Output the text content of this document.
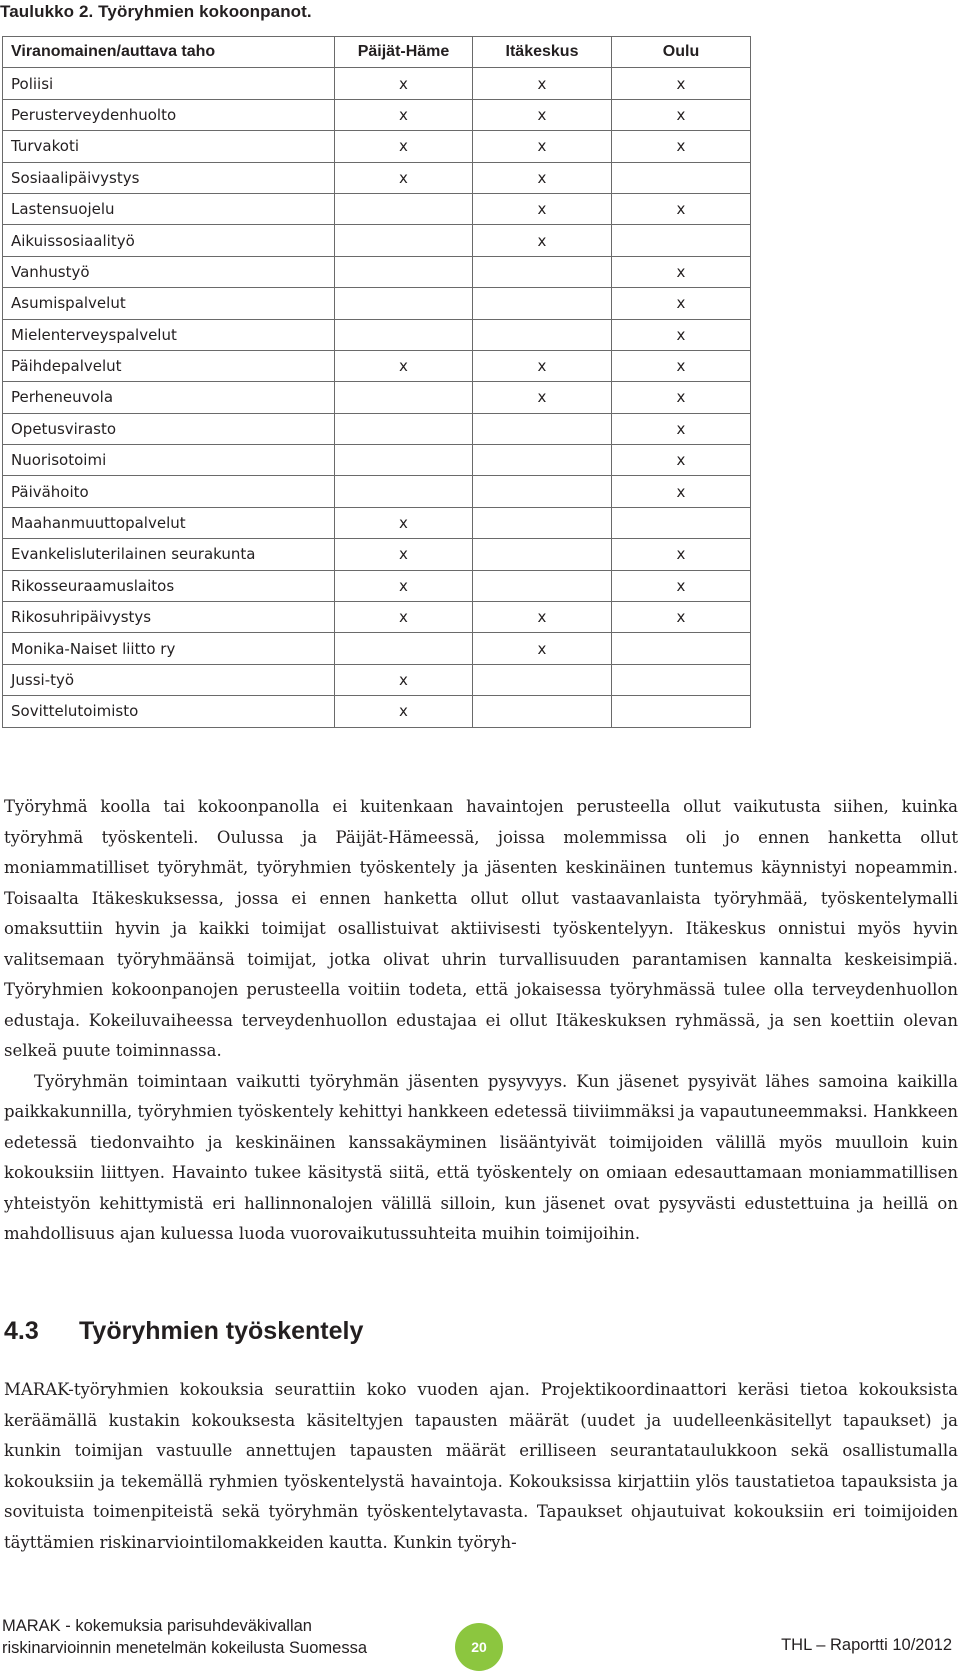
Taulukko 2. Työryhmien kokoonpanot.
Viranomainen/auttava taho	Päijät-Häme	Itäkeskus	Oulu
Poliisi	x	x	x
Perusterveydenhuolto	x	x	x
Turvakoti	x	x	x
Sosiaalipäivystys	x	x	
Lastensuojelu		x	x
Aikuissosiaalityö		x	
Vanhustyö			x
Asumispalvelut			x
Mielenterveyspalvelut			x
Päihdepalvelut	x	x	x
Perheneuvola		x	x
Opetusvirasto			x
Nuorisotoimi			x
Päivähoito			x
Maahanmuuttopalvelut	x		
Evankelisluterilainen seurakunta	x		x
Rikosseuraamuslaitos	x		x
Rikosuhripäivystys	x	x	x
Monika-Naiset liitto ry		x	
Jussi-työ	x		
Sovittelutoimisto	x		

Työryhmä koolla tai kokoonpanolla ei kuitenkaan havaintojen perusteella ollut vaikutusta siihen, kuinka työryhmä työskenteli. Oulussa ja Päijät-Hämeessä, joissa molemmissa oli jo ennen hanketta ollut moniammatilliset työryhmät, työryhmien työskentely ja jäsenten keskinäinen tuntemus käynnistyi nopeammin. Toisaalta Itäkeskuksessa, jossa ei ennen hanketta ollut ollut vastaavanlaista työryhmää, työskentelymalli omaksuttiin hyvin ja kaikki toimijat osallistuivat aktiivisesti työskentelyyn. Itäkeskus onnistui myös hyvin valitsemaan työryhmäänsä toimijat, jotka olivat uhrin turvallisuuden parantamisen kannalta keskeisimpiä. Työryhmien kokoonpanojen perusteella voitiin todeta, että jokaisessa työryhmässä tulee olla terveydenhuollon edustaja. Kokeiluvaiheessa terveydenhuollon edustajaa ei ollut Itäkeskuksen ryhmässä, ja sen koettiin olevan selkeä puute toiminnassa.

Työryhmän toimintaan vaikutti työryhmän jäsenten pysyvyys. Kun jäsenet pysyivät lähes samoina kaikilla paikkakunnilla, työryhmien työskentely kehittyi hankkeen edetessä tiiviimmäksi ja vapautuneemmaksi. Hankkeen edetessä tiedonvaihto ja keskinäinen kanssakäyminen lisääntyivät toimijoiden välillä myös muulloin kuin kokouksiin liittyen. Havainto tukee käsitystä siitä, että työskentely on omiaan edesauttamaan moniammatillisen yhteistyön kehittymistä eri hallinnonalojen välillä silloin, kun jäsenet ovat pysyvästi edustettuina ja heillä on mahdollisuus ajan kuluessa luoda vuorovaikutussuhteita muihin toimijoihin.

4.3 Työryhmien työskentely

MARAK-työryhmien kokouksia seurattiin koko vuoden ajan. Projektikoordinaattori keräsi tietoa kokouksista keräämällä kustakin kokouksesta käsiteltyjen tapausten määrät (uudet ja uudelleenkäsitellyt tapaukset) ja kunkin toimijan vastuulle annettujen tapausten määrät erilliseen seurantataulukkoon sekä osallistumalla kokouksiin ja tekemällä ryhmien työskentelystä havaintoja. Kokouksissa kirjattiin ylös taustatietoa tapauksista ja sovituista toimenpiteistä sekä työryhmän työskentelytavasta. Tapaukset ohjautuivat kokouksiin eri toimijoiden täyttämien riskinarviointilomakkeiden kautta. Kunkin työryh-

MARAK - kokemuksia parisuhdeväkivallan
riskinarvioinnin menetelmän kokeilusta Suomessa	20	THL – Raportti 10/2012
